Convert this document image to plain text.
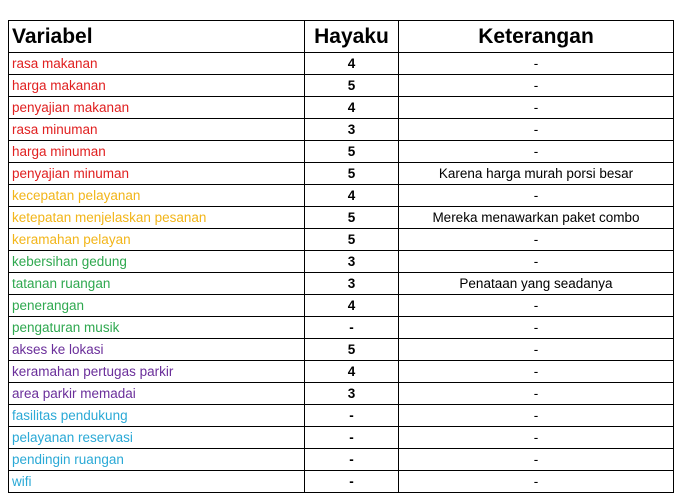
Variabel	Hayaku	Keterangan
rasa makanan	4	-
harga makanan	5	-
penyajian makanan	4	-
rasa minuman	3	-
harga minuman	5	-
penyajian minuman	5	Karena harga murah porsi besar
kecepatan pelayanan	4	-
ketepatan menjelaskan pesanan	5	Mereka menawarkan paket combo
keramahan pelayan	5	-
kebersihan gedung	3	-
tatanan ruangan	3	Penataan yang seadanya
penerangan	4	-
pengaturan musik	-	-
akses ke lokasi	5	-
keramahan pertugas parkir	4	-
area parkir memadai	3	-
fasilitas pendukung	-	-
pelayanan reservasi	-	-
pendingin ruangan	-	-
wifi	-	-
